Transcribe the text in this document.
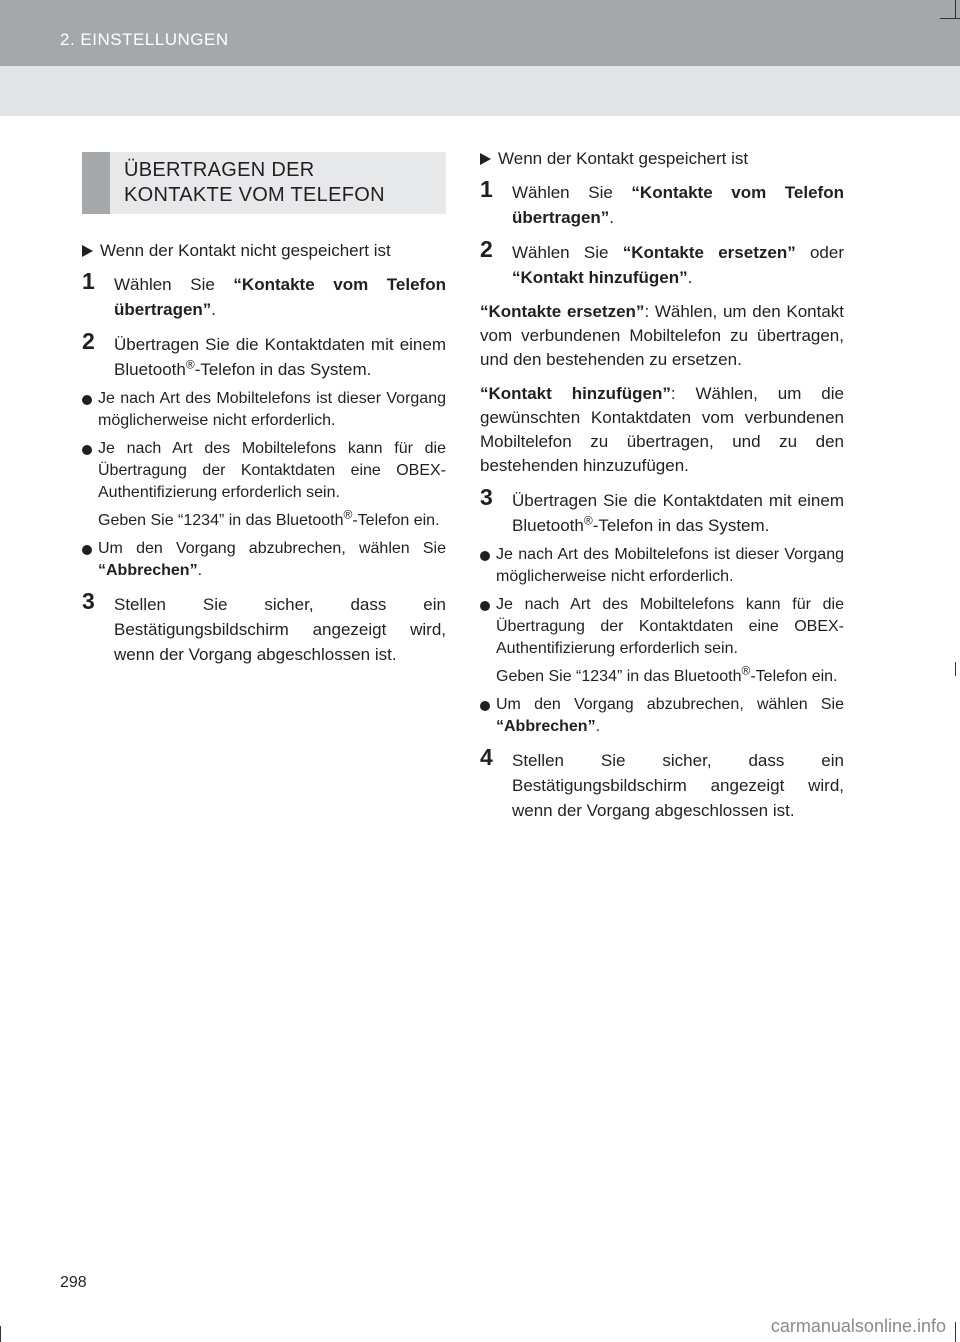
2. EINSTELLUNGEN
ÜBERTRAGEN DER
KONTAKTE VOM TELEFON
Wenn der Kontakt nicht gespeichert ist
1 Wählen Sie “Kontakte vom Telefon übertragen”.
2 Übertragen Sie die Kontaktdaten mit einem Bluetooth®-Telefon in das System.

Je nach Art des Mobiltelefons ist dieser Vorgang möglicherweise nicht erforderlich.

Je nach Art des Mobiltelefons kann für die Übertragung der Kontaktdaten eine OBEX-Authentifizierung erforderlich sein.

Geben Sie “1234” in das Bluetooth®-Telefon ein.

Um den Vorgang abzubrechen, wählen Sie “Abbrechen”.

3 Stellen Sie sicher, dass ein Bestätigungsbildschirm angezeigt wird, wenn der Vorgang abgeschlossen ist.
Wenn der Kontakt gespeichert ist
1 Wählen Sie “Kontakte vom Telefon übertragen”.
2 Wählen Sie “Kontakte ersetzen” oder “Kontakt hinzufügen”.
“Kontakte ersetzen”: Wählen, um den Kontakt vom verbundenen Mobiltelefon zu übertragen, und den bestehenden zu ersetzen.
“Kontakt hinzufügen”: Wählen, um die gewünschten Kontaktdaten vom verbundenen Mobiltelefon zu übertragen, und zu den bestehenden hinzuzufügen.
3 Übertragen Sie die Kontaktdaten mit einem Bluetooth®-Telefon in das System.

Je nach Art des Mobiltelefons ist dieser Vorgang möglicherweise nicht erforderlich.

Je nach Art des Mobiltelefons kann für die Übertragung der Kontaktdaten eine OBEX-Authentifizierung erforderlich sein.

Geben Sie “1234” in das Bluetooth®-Telefon ein.

Um den Vorgang abzubrechen, wählen Sie “Abbrechen”.

4 Stellen Sie sicher, dass ein Bestätigungsbildschirm angezeigt wird, wenn der Vorgang abgeschlossen ist.
298
carmanualsonline.info
